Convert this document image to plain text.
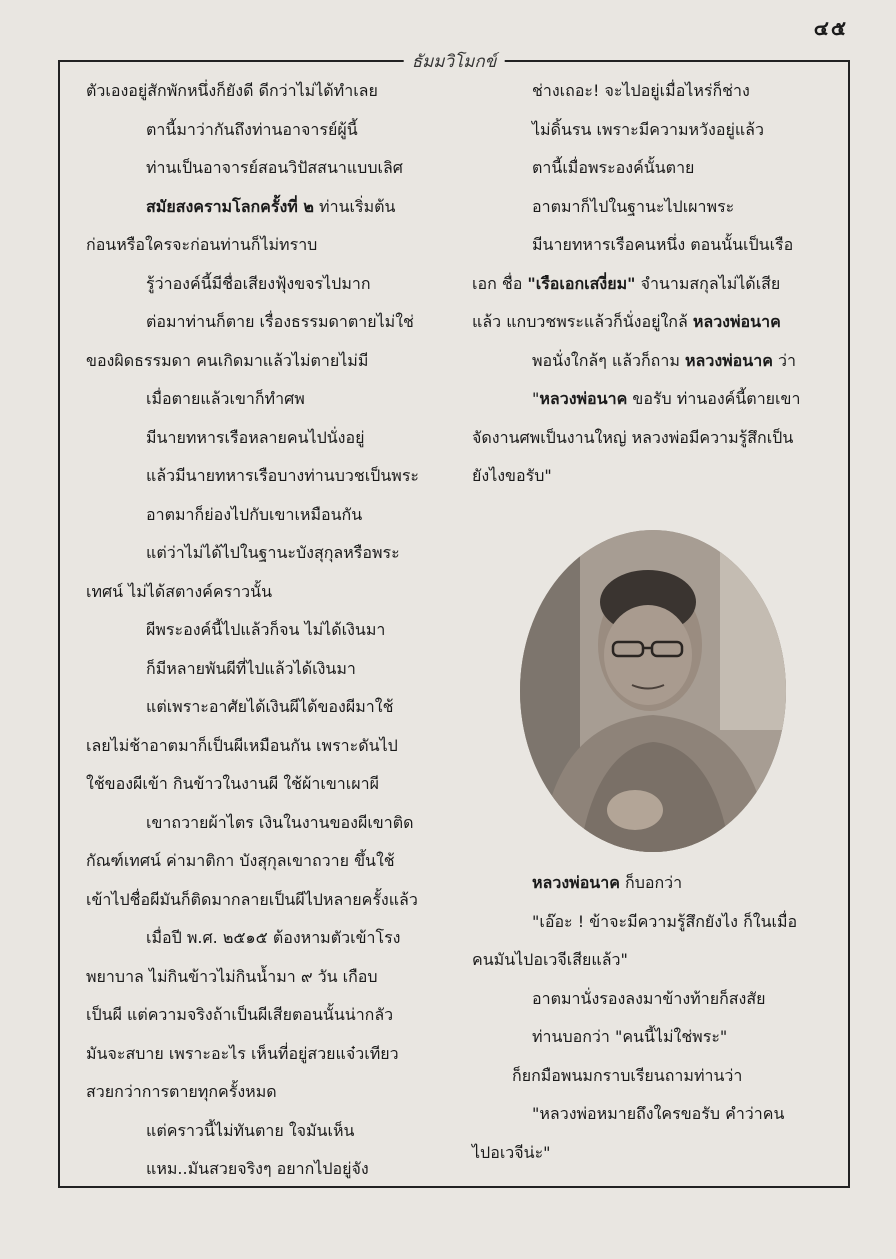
๔๕
ธัมมวิโมกข์
ตัวเองอยู่สักพักหนึ่งก็ยังดี ดีกว่าไม่ได้ทำเลย
ตานี้มาว่ากันถึงท่านอาจารย์ผู้นี้
ท่านเป็นอาจารย์สอนวิปัสสนาแบบเลิศ
สมัยสงครามโลกครั้งที่ ๒ ท่านเริ่มต้น
ก่อนหรือใครจะก่อนท่านก็ไม่ทราบ
รู้ว่าองค์นี้มีชื่อเสียงฟุ้งขจรไปมาก
ต่อมาท่านก็ตาย เรื่องธรรมดาตายไม่ใช่
ของผิดธรรมดา คนเกิดมาแล้วไม่ตายไม่มี
เมื่อตายแล้วเขาก็ทำศพ
มีนายทหารเรือหลายคนไปนั่งอยู่
แล้วมีนายทหารเรือบางท่านบวชเป็นพระ
อาตมาก็ย่องไปกับเขาเหมือนกัน
แต่ว่าไม่ได้ไปในฐานะบังสุกุลหรือพระ
เทศน์ ไม่ได้สตางค์คราวนั้น
ผีพระองค์นี้ไปแล้วก็จน ไม่ได้เงินมา
ก็มีหลายพันผีที่ไปแล้วได้เงินมา
แต่เพราะอาศัยได้เงินผีได้ของผีมาใช้
เลยไม่ช้าอาตมาก็เป็นผีเหมือนกัน เพราะดันไป
ใช้ของผีเข้า กินข้าวในงานผี ใช้ผ้าเขาเผาผี
เขาถวายผ้าไตร เงินในงานของผีเขาติด
กัณฑ์เทศน์ ค่ามาติกา บังสุกุลเขาถวาย ขึ้นใช้
เข้าไปชื่อผีมันก็ติดมากลายเป็นผีไปหลายครั้งแล้ว
เมื่อปี พ.ศ. ๒๕๑๕ ต้องหามตัวเข้าโรง
พยาบาล ไม่กินข้าวไม่กินน้ำมา ๙ วัน เกือบ
เป็นผี แต่ความจริงถ้าเป็นผีเสียตอนนั้นน่ากลัว
มันจะสบาย เพราะอะไร เห็นที่อยู่สวยแจ๋วเทียว
สวยกว่าการตายทุกครั้งหมด
แต่คราวนี้ไม่ทันตาย ใจมันเห็น
แหม..มันสวยจริงๆ อยากไปอยู่จัง
ช่างเถอะ! จะไปอยู่เมื่อไหร่ก็ช่าง
ไม่ดิ้นรน เพราะมีความหวังอยู่แล้ว
ตานี้เมื่อพระองค์นั้นตาย
อาตมาก็ไปในฐานะไปเผาพระ
มีนายทหารเรือคนหนึ่ง ตอนนั้นเป็นเรือ
เอก ชื่อ "เรือเอกเสงี่ยม" จำนามสกุลไม่ได้เสีย
แล้ว แกบวชพระแล้วก็นั่งอยู่ใกล้ หลวงพ่อนาค
พอนั่งใกล้ๆ แล้วก็ถาม หลวงพ่อนาค ว่า
"หลวงพ่อนาค ขอรับ ท่านองค์นี้ตายเขา
จัดงานศพเป็นงานใหญ่ หลวงพ่อมีความรู้สึกเป็น
ยังไงขอรับ"
หลวงพ่อนาค ก็บอกว่า
"เอ๊อะ ! ข้าจะมีความรู้สึกยังไง ก็ในเมื่อ
คนมันไปอเวจีเสียแล้ว"
อาตมานั่งรองลงมาข้างท้ายก็สงสัย
ท่านบอกว่า "คนนี้ไม่ใช่พระ"
ก็ยกมือพนมกราบเรียนถามท่านว่า
"หลวงพ่อหมายถึงใครขอรับ คำว่าคน
ไปอเวจีน่ะ"
